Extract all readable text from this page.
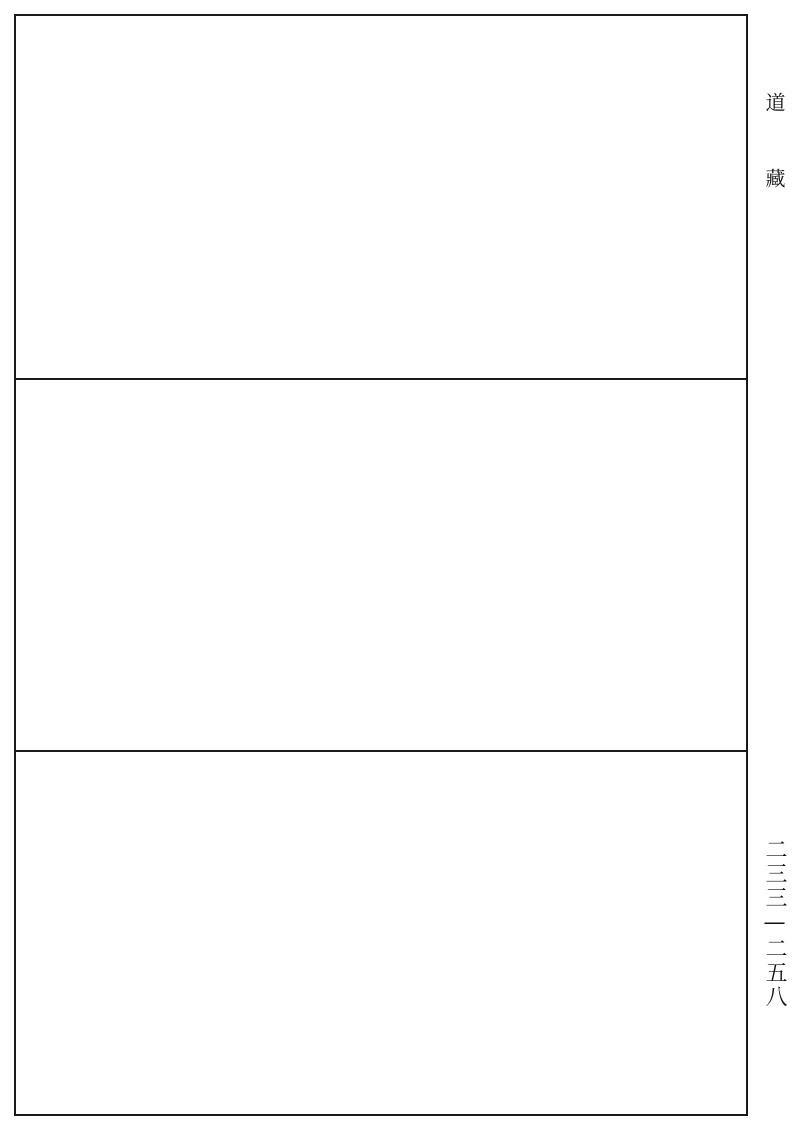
道
藏
二三三—二五八
